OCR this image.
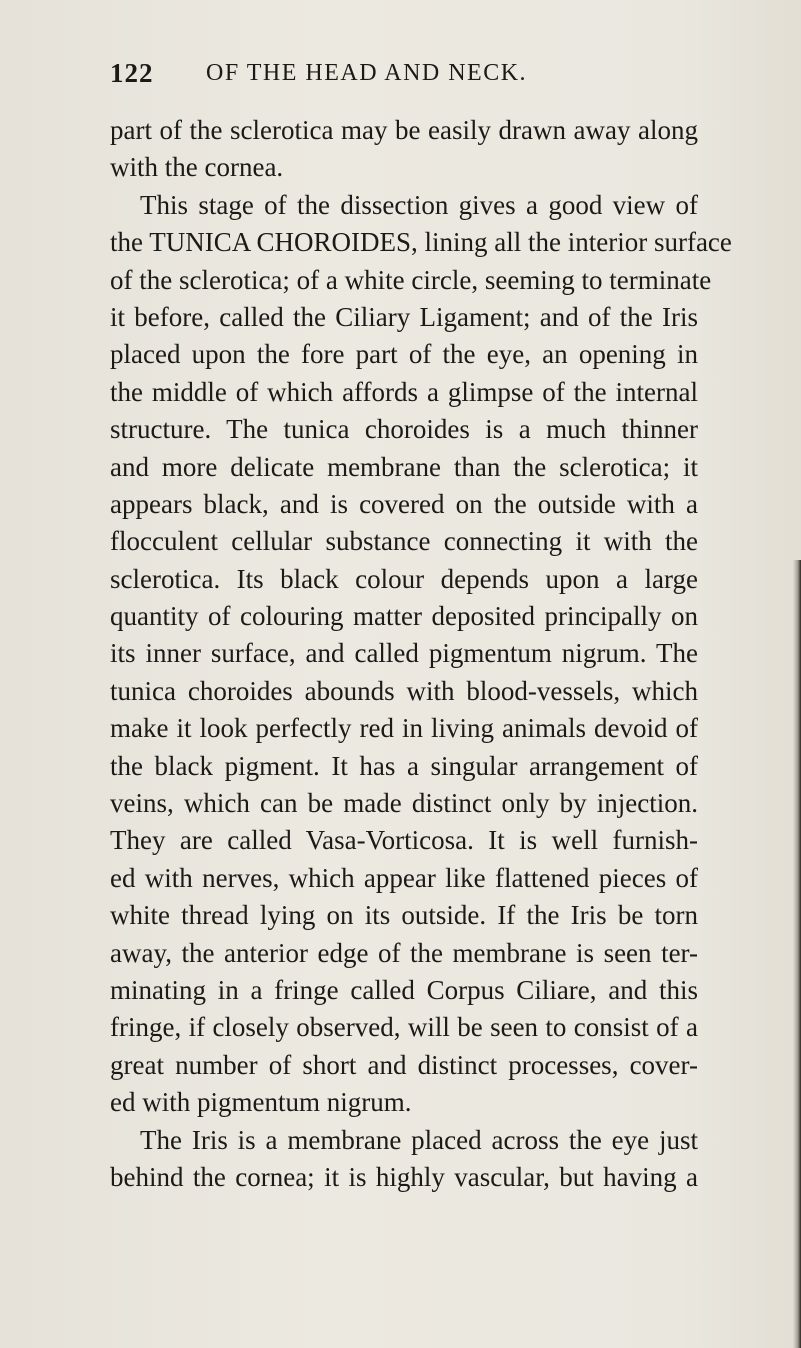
122 OF THE HEAD AND NECK.
part of the sclerotica may be easily drawn away along
with the cornea.
This stage of the dissection gives a good view of
the TUNICA CHOROIDES, lining all the interior surface
of the sclerotica; of a white circle, seeming to terminate
it before, called the Ciliary Ligament; and of the Iris
placed upon the fore part of the eye, an opening in
the middle of which affords a glimpse of the internal
structure. The tunica choroides is a much thinner
and more delicate membrane than the sclerotica; it
appears black, and is covered on the outside with a
flocculent cellular substance connecting it with the
sclerotica. Its black colour depends upon a large
quantity of colouring matter deposited principally on
its inner surface, and called pigmentum nigrum. The
tunica choroides abounds with blood-vessels, which
make it look perfectly red in living animals devoid of
the black pigment. It has a singular arrangement of
veins, which can be made distinct only by injection.
They are called Vasa-Vorticosa. It is well furnish-
ed with nerves, which appear like flattened pieces of
white thread lying on its outside. If the Iris be torn
away, the anterior edge of the membrane is seen ter-
minating in a fringe called Corpus Ciliare, and this
fringe, if closely observed, will be seen to consist of a
great number of short and distinct processes, cover-
ed with pigmentum nigrum.
The Iris is a membrane placed across the eye just
behind the cornea; it is highly vascular, but having a
